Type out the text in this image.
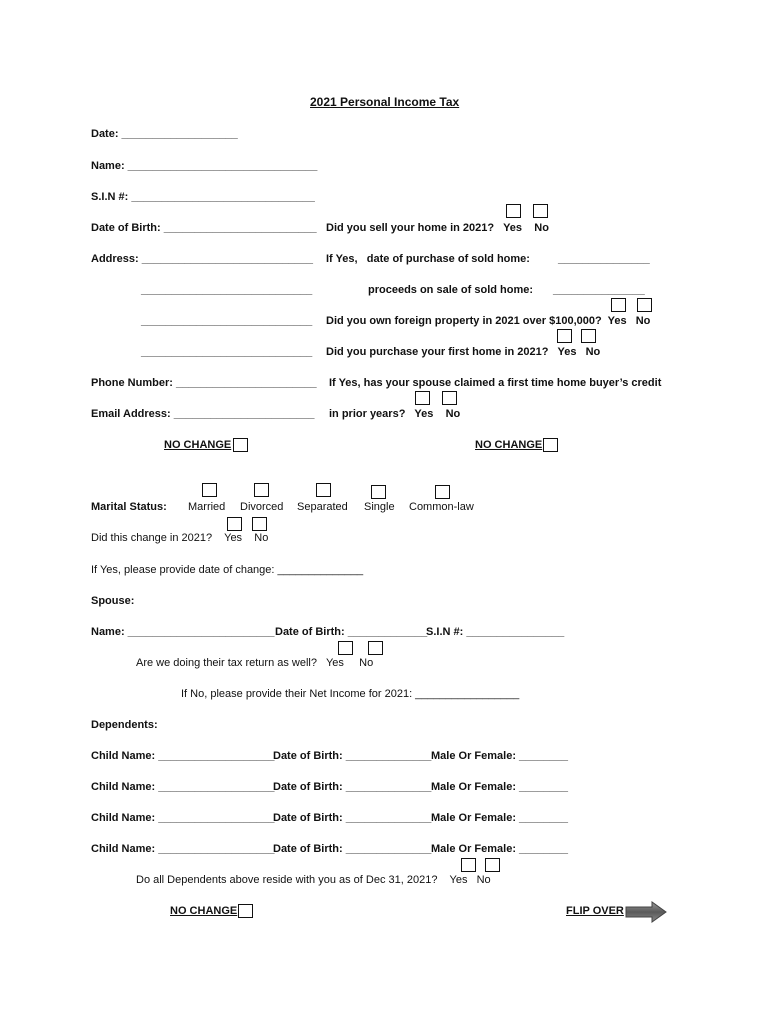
2021 Personal Income Tax
Date: ___________________
Name: _______________________________
S.I.N #: ______________________________
Date of Birth: _________________________
Address: ____________________________
____________________________
____________________________
____________________________
Phone Number: _______________________
Email Address: _______________________
NO CHANGE
Did you sell your home in 2021?   Yes    No
If Yes,   date of purchase of sold home:	_______________
proceeds on sale of sold home: _______________
Did you own foreign property in 2021 over $100,000?  Yes   No
Did you purchase your first home in 2021?   Yes   No
If Yes, has your spouse claimed a first time home buyer’s credit
in prior years?   Yes    No
NO CHANGE
Marital Status: Married Divorced Separated Single Common-law
Did this change in 2021?    Yes    No
If Yes, please provide date of change: ______________
Spouse:
Name: ________________________ Date of Birth: _____________
S.I.N #: ________________
Are we doing their tax return as well?   Yes     No
If No, please provide their Net Income for 2021: _________________
Dependents:
Child Name: ___________________
Date of Birth: ______________ Male Or Female: ________
Child Name: ___________________
Date of Birth: ______________ Male Or Female: ________
Child Name: ___________________
Date of Birth: ______________ Male Or Female: ________
Child Name: ___________________
Date of Birth: ______________ Male Or Female: ________
Do all Dependents above reside with you as of Dec 31, 2021?    Yes   No
NO CHANGE	FLIP OVER
